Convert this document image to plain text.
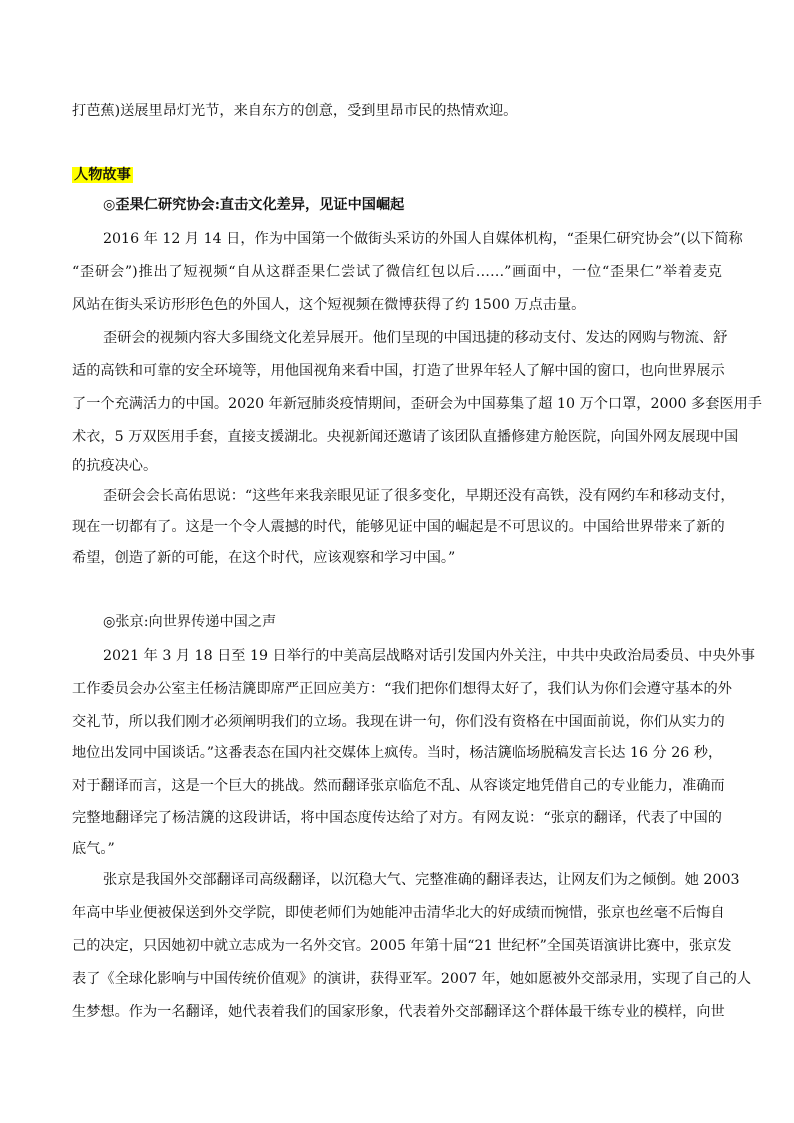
打芭蕉)送展里昂灯光节，来自东方的创意，受到里昂市民的热情欢迎。
人物故事
◎歪果仁研究协会:直击文化差异，见证中国崛起
2016 年 12 月 14 日，作为中国第一个做街头采访的外国人自媒体机构，“歪果仁研究协会”(以下简称
“歪研会”)推出了短视频“自从这群歪果仁尝试了微信红包以后……”画面中，一位“歪果仁”举着麦克
风站在街头采访形形色色的外国人，这个短视频在微博获得了约 1500 万点击量。
歪研会的视频内容大多围绕文化差异展开。他们呈现的中国迅捷的移动支付、发达的网购与物流、舒
适的高铁和可靠的安全环境等，用他国视角来看中国，打造了世界年轻人了解中国的窗口，也向世界展示
了一个充满活力的中国。2020 年新冠肺炎疫情期间，歪研会为中国募集了超 10 万个口罩，2000 多套医用手
术衣，5 万双医用手套，直接支援湖北。央视新闻还邀请了该团队直播修建方舱医院，向国外网友展现中国
的抗疫决心。
歪研会会长高佑思说：“这些年来我亲眼见证了很多变化，早期还没有高铁，没有网约车和移动支付，
现在一切都有了。这是一个令人震撼的时代，能够见证中国的崛起是不可思议的。中国给世界带来了新的
希望，创造了新的可能，在这个时代，应该观察和学习中国。”
◎张京:向世界传递中国之声
2021 年 3 月 18 日至 19 日举行的中美高层战略对话引发国内外关注，中共中央政治局委员、中央外事
工作委员会办公室主任杨洁篪即席严正回应美方：“我们把你们想得太好了，我们认为你们会遵守基本的外
交礼节，所以我们刚才必须阐明我们的立场。我现在讲一句，你们没有资格在中国面前说，你们从实力的
地位出发同中国谈话。”这番表态在国内社交媒体上疯传。当时，杨洁篪临场脱稿发言长达 16 分 26 秒，
对于翻译而言，这是一个巨大的挑战。然而翻译张京临危不乱、从容谈定地凭借自己的专业能力，准确而
完整地翻译完了杨洁篪的这段讲话，将中国态度传达给了对方。有网友说：“张京的翻译，代表了中国的
底气。”
张京是我国外交部翻译司高级翻译，以沉稳大气、完整准确的翻译表达，让网友们为之倾倒。她 2003
年高中毕业便被保送到外交学院，即使老师们为她能冲击清华北大的好成绩而惋惜，张京也丝毫不后悔自
己的决定，只因她初中就立志成为一名外交官。2005 年第十届“21 世纪杯”全国英语演讲比赛中，张京发
表了《全球化影响与中国传统价值观》的演讲，获得亚军。2007 年，她如愿被外交部录用，实现了自己的人
生梦想。作为一名翻译，她代表着我们的国家形象，代表着外交部翻译这个群体最干练专业的模样，向世
